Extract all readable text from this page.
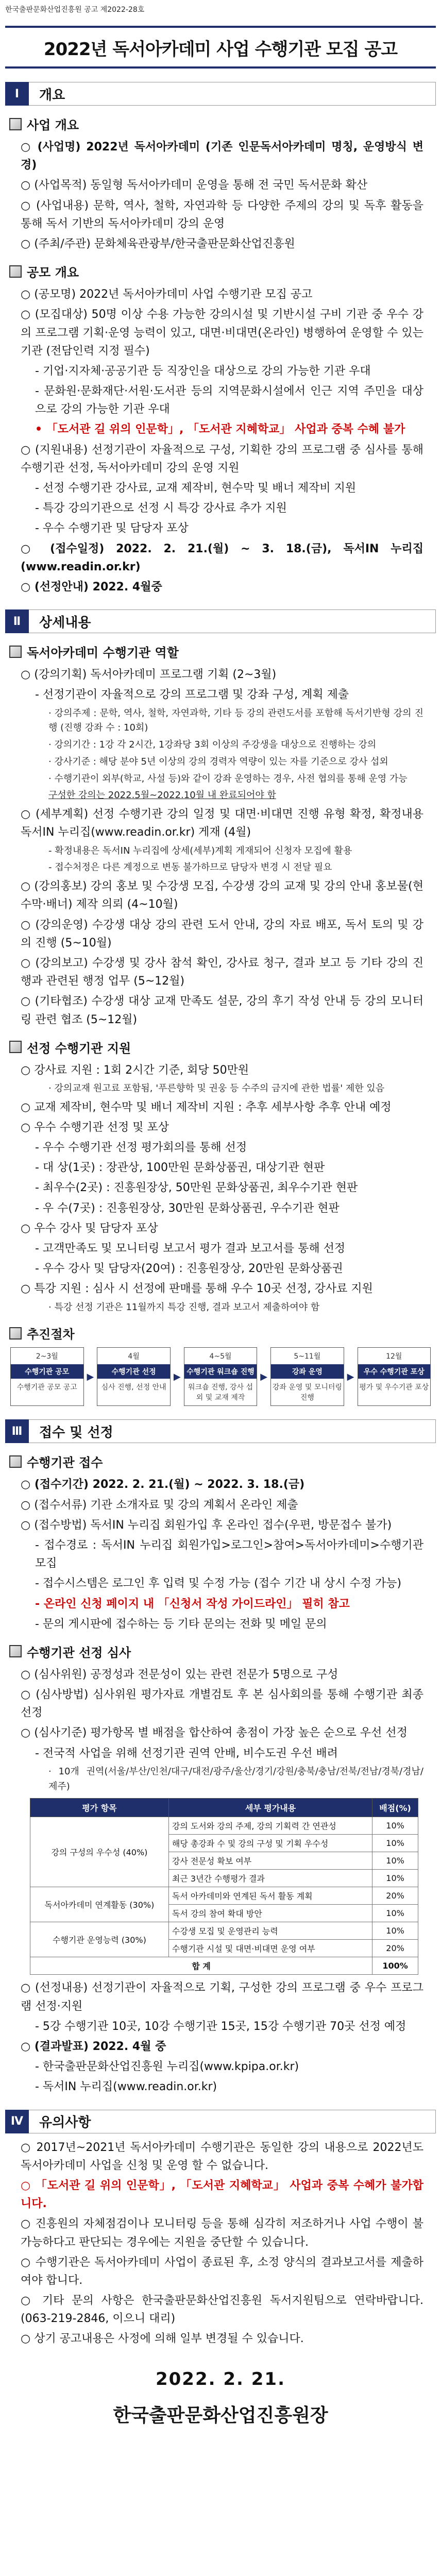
한국출판문화산업진흥원 공고 제2022-28호
2022년 독서아카데미 사업 수행기관 모집 공고
Ⅰ	개요
사업 개요

○ (사업명) 2022년 독서아카데미 (기존 인문독서아카데미 명칭, 운영방식 변경)

○ (사업목적) 동일형 독서아카데미 운영을 통해 전 국민 독서문화 확산

○ (사업내용) 문학, 역사, 철학, 자연과학 등 다양한 주제의 강의 및 독후 활동을 통해 독서 기반의 독서아카데미 강의 운영

○ (주최/주관) 문화체육관광부/한국출판문화산업진흥원

공모 개요

○ (공모명) 2022년 독서아카데미 사업 수행기관 모집 공고

○ (모집대상) 50명 이상 수용 가능한 강의시설 및 기반시설 구비 기관 중 우수 강의 프로그램 기획·운영 능력이 있고, 대면·비대면(온라인) 병행하여 운영할 수 있는 기관 (전담인력 지정 필수)

- 기업·지자체·공공기관 등 직장인을 대상으로 강의 가능한 기관 우대

- 문화원·문화재단·서원·도서관 등의 지역문화시설에서 인근 지역 주민을 대상으로 강의 가능한 기관 우대

• 「도서관 길 위의 인문학」, 「도서관 지혜학교」 사업과 중복 수혜 불가

○ (지원내용) 선정기관이 자율적으로 구성, 기획한 강의 프로그램 중 심사를 통해 수행기관 선정, 독서아카데미 강의 운영 지원

- 선정 수행기관 강사료, 교재 제작비, 현수막 및 배너 제작비 지원

- 특강 강의기관으로 선정 시 특강 강사료 추가 지원

- 우수 수행기관 및 담당자 포상

○ (접수일정) 2022. 2. 21.(월) ~ 3. 18.(금), 독서IN 누리집(www.readin.or.kr)

○ (선정안내) 2022. 4월중

Ⅱ	상세내용
독서아카데미 수행기관 역할

○ (강의기획) 독서아카데미 프로그램 기획 (2~3월)

- 선정기관이 자율적으로 강의 프로그램 및 강좌 구성, 계획 제출

· 강의주제 : 문학, 역사, 철학, 자연과학, 기타 등 강의 관련도서를 포함해 독서기반형 강의 진행 (진행 강좌 수 : 10회)

· 강의기간 : 1강 각 2시간, 1강좌당 3회 이상의 주강생을 대상으로 진행하는 강의

· 강사기준 : 해당 분야 5년 이상의 강의 경력자 역량이 있는 자를 기준으로 강사 섭외

· 수행기관이 외부(학교, 사설 등)와 같이 강좌 운영하는 경우, 사전 협의를 통해 운영 가능

구성한 강의는 2022.5월~2022.10월 내 완료되어야 함

○ (세부계획) 선정 수행기관 강의 일정 및 대면·비대면 진행 유형 확정, 확정내용 독서IN 누리집(www.readin.or.kr) 게재 (4월)

- 확정내용은 독서IN 누리집에 상세(세부)계획 게재되어 신청자 모집에 활용

- 접수처정은 다른 계정으로 변동 불가하므로 담당자 변경 시 전달 필요

○ (강의홍보) 강의 홍보 및 수강생 모집, 수강생 강의 교재 및 강의 안내 홍보물(현수막·배너) 제작 의뢰 (4~10월)

○ (강의운영) 수강생 대상 강의 관련 도서 안내, 강의 자료 배포, 독서 토의 및 강의 진행 (5~10월)

○ (강의보고) 수강생 및 강사 참석 확인, 강사료 청구, 결과 보고 등 기타 강의 진행과 관련된 행정 업무 (5~12월)

○ (기타협조) 수강생 대상 교재 만족도 설문, 강의 후기 작성 안내 등 강의 모니터링 관련 협조 (5~12월)

선정 수행기관 지원

○ 강사료 지원 : 1회 2시간 기준, 회당 50만원

· 강의교재 원고료 포함됨, '푸른향학 및 권웅 등 수주의 금지에 관한 법률' 제한 있음

○ 교재 제작비, 현수막 및 배너 제작비 지원 : 추후 세부사항 추후 안내 예정

○ 우수 수행기관 선정 및 포상

- 우수 수행기관 선정 평가회의를 통해 선정

- 대 상(1곳) : 장관상, 100만원 문화상품권, 대상기관 현판

- 최우수(2곳) : 진흥원장상, 50만원 문화상품권, 최우수기관 현판

- 우 수(7곳) : 진흥원장상, 30만원 문화상품권, 우수기관 현판

○ 우수 강사 및 담당자 포상

- 고객만족도 및 모니터링 보고서 평가 결과 보고서를 통해 선정

- 우수 강사 및 담당자(20여) : 진흥원장상, 20만원 문화상품권

○ 특강 지원 : 심사 시 선정에 판매를 통해 우수 10곳 선정, 강사료 지원

· 특강 선정 기관은 11월까지 특강 진행, 결과 보고서 제출하여야 함

추진절차
2~3월
수행기관 공모
수행기관 공모 공고
▶
4월
수행기관 선정
심사 진행, 선정 안내
▶
4~5월
수행기관 워크숍 진행
워크숍 진행, 강사 섭외 및 교재 제작
▶
5~11월
강좌 운영
강좌 운영 및 모니터링 진행
▶
12월
우수 수행기관 포상
평가 및 우수기관 포상
Ⅲ	접수 및 선정
수행기관 접수

○ (접수기간) 2022. 2. 21.(월) ~ 2022. 3. 18.(금)

○ (접수서류) 기관 소개자료 및 강의 계획서 온라인 제출

○ (접수방법) 독서IN 누리집 회원가입 후 온라인 접수(우편, 방문접수 불가)

- 접수경로 : 독서IN 누리집 회원가입>로그인>참여>독서아카데미>수행기관 모집

- 접수시스템은 로그인 후 입력 및 수정 가능 (접수 기간 내 상시 수정 가능)

- 온라인 신청 페이지 내 「신청서 작성 가이드라인」 필히 참고

- 문의 게시판에 접수하는 등 기타 문의는 전화 및 메일 문의

수행기관 선정 심사

○ (심사위원) 공정성과 전문성이 있는 관련 전문가 5명으로 구성

○ (심사방법) 심사위원 평가자료 개별검토 후 본 심사회의를 통해 수행기관 최종 선정

○ (심사기준) 평가항목 별 배점을 합산하여 총점이 가장 높은 순으로 우선 선정

- 전국적 사업을 위해 선정기관 권역 안배, 비수도권 우선 배려

· 10개 권역(서울/부산/인천/대구/대전/광주/울산/경기/강원/충북/충남/전북/전남/경북/경남/제주)

평가 항목	세부 평가내용	배점(%)
강의 구성의 우수성 (40%)	강의 도서와 강의 주제, 강의 기획력 간 연관성	10%
	해당 총강좌 수 및 강의 구성 및 기획 우수성	10%
	강사 전문성 확보 여부	10%
	최근 3년간 수행평가 결과	10%
독서아카데미 연계활동 (30%)	독서 아카데미와 연계된 독서 활동 계획	20%
	독서 강의 참여 확대 방안	10%
수행기관 운영능력 (30%)	수강생 모집 및 운영관리 능력	10%
	수행기관 시설 및 대면·비대면 운영 여부	20%
합 계		100%

○ (선정내용) 선정기관이 자율적으로 기획, 구성한 강의 프로그램 중 우수 프로그램 선정·지원

- 5강 수행기관 10곳, 10강 수행기관 15곳, 15강 수행기관 70곳 선정 예정

○ (결과발표) 2022. 4월 중

- 한국출판문화산업진흥원 누리집(www.kpipa.or.kr)

- 독서IN 누리집(www.readin.or.kr)

Ⅳ	유의사항

○ 2017년~2021년 독서아카데미 수행기관은 동일한 강의 내용으로 2022년도 독서아카데미 사업을 신청 및 운영 할 수 없습니다.

○ 「도서관 길 위의 인문학」, 「도서관 지혜학교」 사업과 중복 수혜가 불가합니다.

○ 진흥원의 자체점검이나 모니터링 등을 통해 심각히 저조하거나 사업 수행이 불가능하다고 판단되는 경우에는 지원을 중단할 수 있습니다.

○ 수행기관은 독서아카데미 사업이 종료된 후, 소정 양식의 결과보고서를 제출하여야 합니다.

○ 기타 문의 사항은 한국출판문화산업진흥원 독서지원팀으로 연락바랍니다. (063-219-2846, 이으니 대리)

○ 상기 공고내용은 사정에 의해 일부 변경될 수 있습니다.

2022. 2. 21.
한국출판문화산업진흥원장
